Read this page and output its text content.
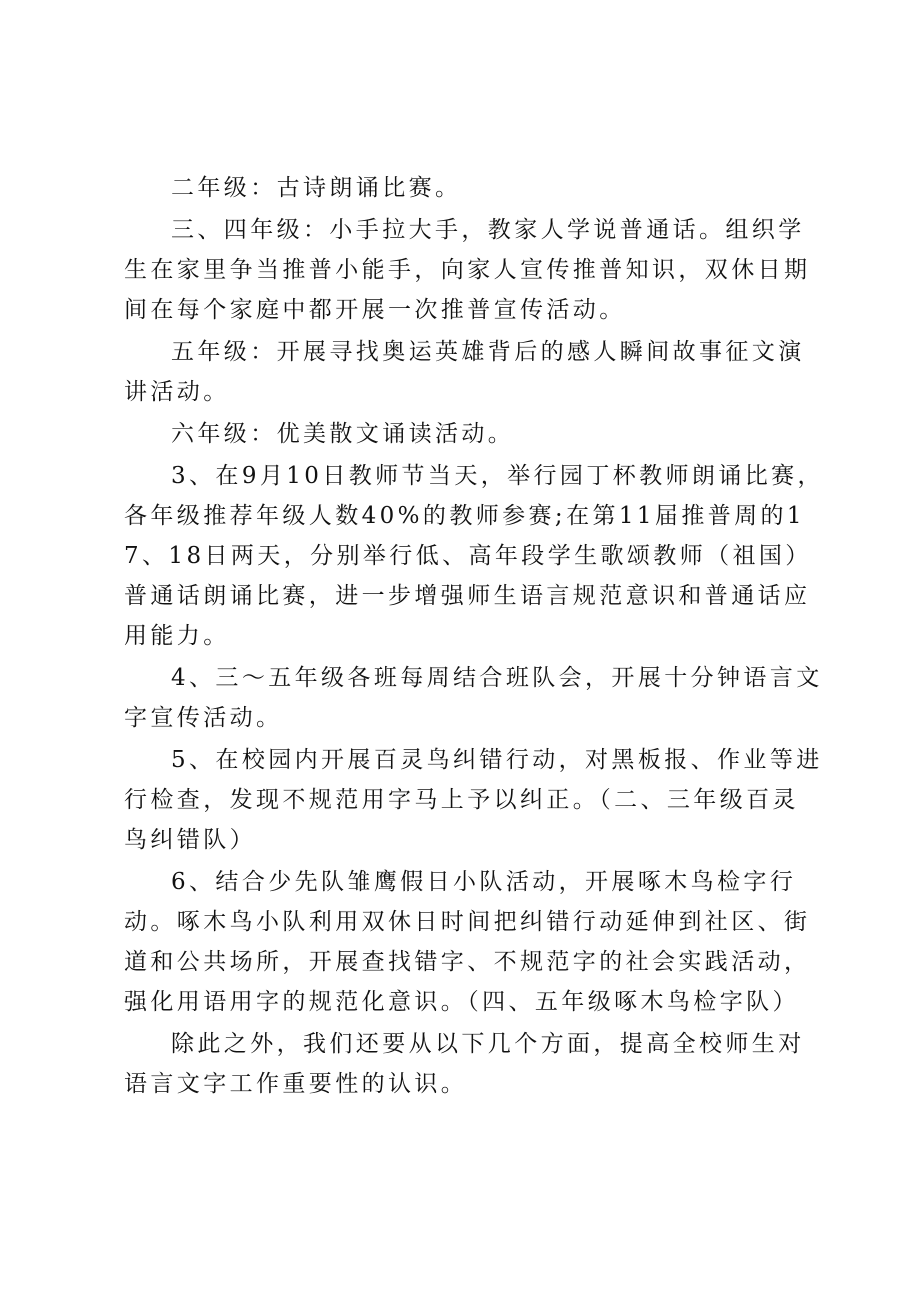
二年级：古诗朗诵比赛。

三、四年级：小手拉大手，教家人学说普通话。组织学生在家里争当推普小能手，向家人宣传推普知识，双休日期间在每个家庭中都开展一次推普宣传活动。

五年级：开展寻找奥运英雄背后的感人瞬间故事征文演讲活动。

六年级：优美散文诵读活动。

3、在9月10日教师节当天，举行园丁杯教师朗诵比赛，各年级推荐年级人数40%的教师参赛;在第11届推普周的17、18日两天，分别举行低、高年段学生歌颂教师（祖国）普通话朗诵比赛，进一步增强师生语言规范意识和普通话应用能力。

4、三～五年级各班每周结合班队会，开展十分钟语言文字宣传活动。

5、在校园内开展百灵鸟纠错行动，对黑板报、作业等进行检查，发现不规范用字马上予以纠正。（二、三年级百灵鸟纠错队）

6、结合少先队雏鹰假日小队活动，开展啄木鸟检字行动。啄木鸟小队利用双休日时间把纠错行动延伸到社区、街道和公共场所，开展查找错字、不规范字的社会实践活动，强化用语用字的规范化意识。（四、五年级啄木鸟检字队）

除此之外，我们还要从以下几个方面，提高全校师生对语言文字工作重要性的认识。
